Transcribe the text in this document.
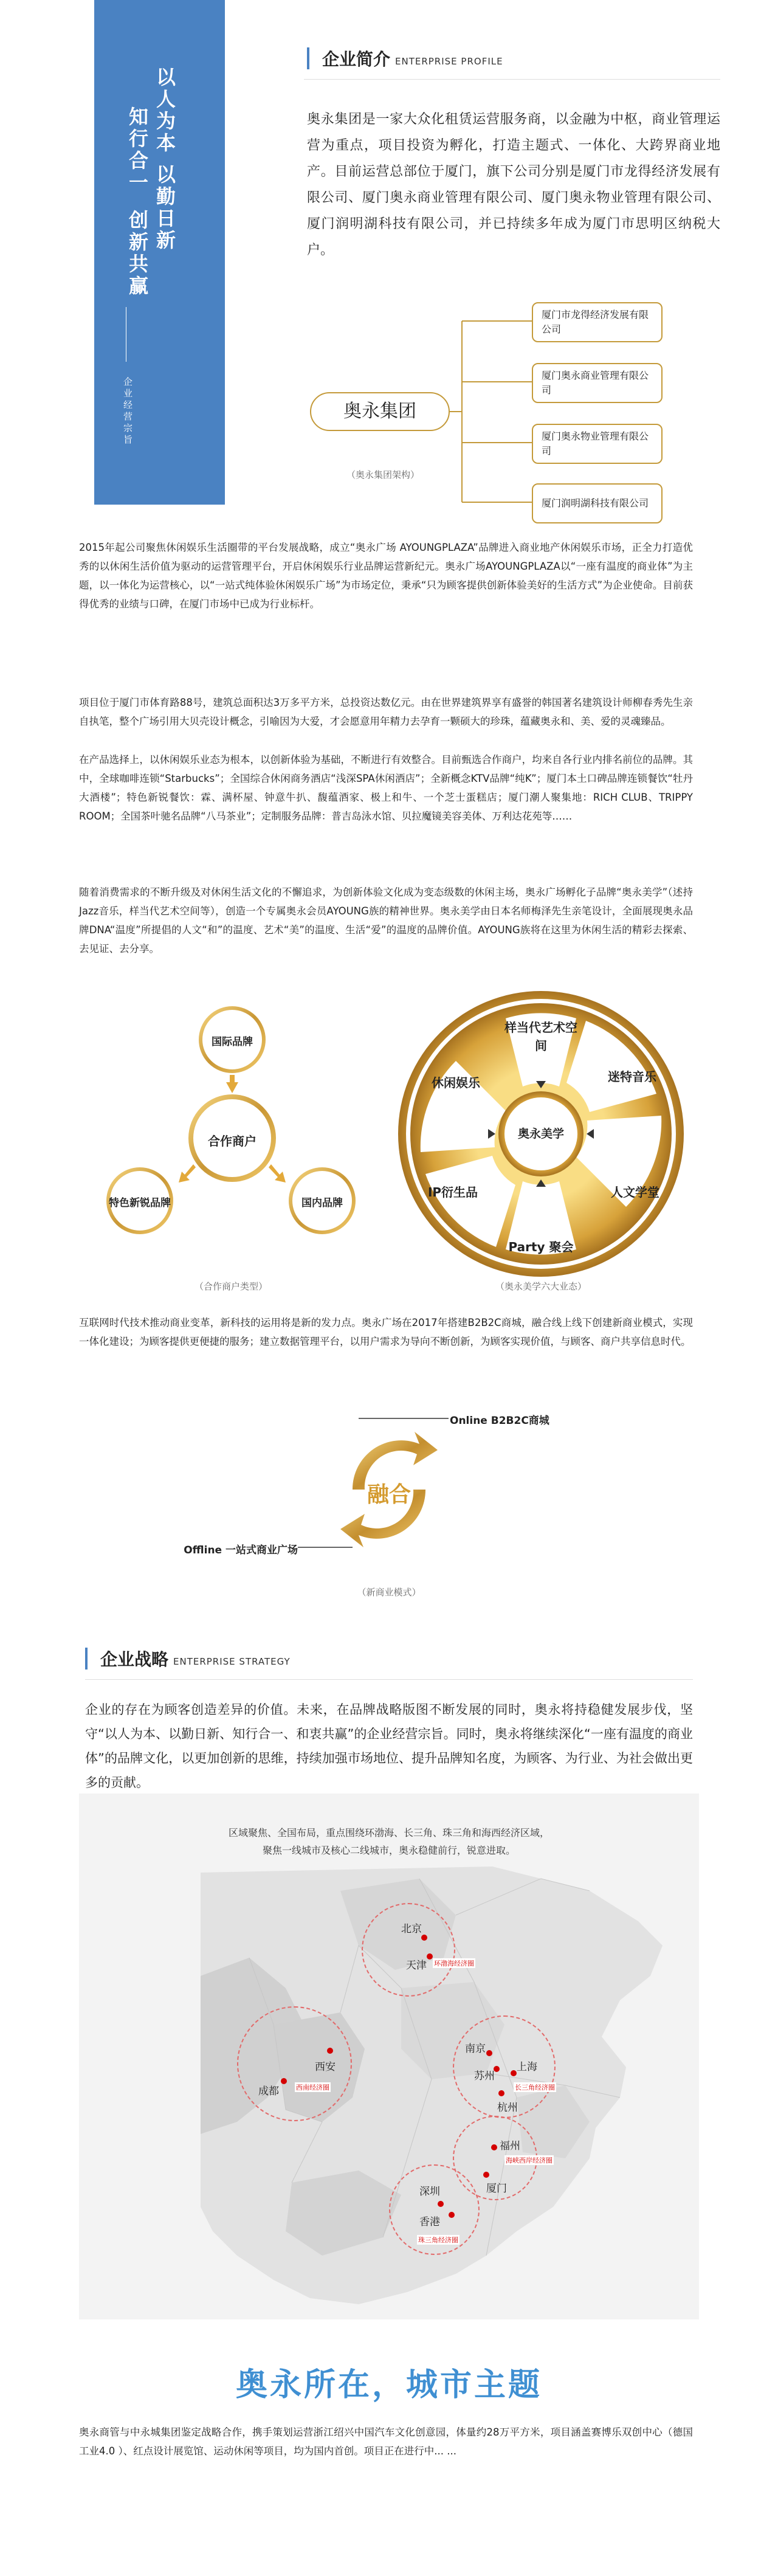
以人为本
以勤日新
知行合一
创新共赢
企业经营宗旨
企业简介 ENTERPRISE PROFILE
奥永集团是一家大众化租赁运营服务商，以金融为中枢，商业管理运营为重点，项目投资为孵化，打造主题式、一体化、大跨界商业地产。目前运营总部位于厦门，旗下公司分别是厦门市龙得经济发展有限公司、厦门奥永商业管理有限公司、厦门奥永物业管理有限公司、厦门润明湖科技有限公司，并已持续多年成为厦门市思明区纳税大户。
奥永集团
厦门市龙得经济发展有限公司
厦门奥永商业管理有限公司
厦门奥永物业管理有限公司
厦门润明湖科技有限公司
（奥永集团架构）
2015年起公司聚焦休闲娱乐生活圈带的平台发展战略，成立“奥永广场 AYOUNGPLAZA”品牌进入商业地产休闲娱乐市场，正全力打造优秀的以休闲生活价值为驱动的运营管理平台，开启休闲娱乐行业品牌运营新纪元。奥永广场AYOUNGPLAZA以“一座有温度的商业体”为主题，以一体化为运营核心，以“一站式纯体验休闲娱乐广场”为市场定位，秉承“只为顾客提供创新体验美好的生活方式”为企业使命。目前获得优秀的业绩与口碑，在厦门市场中已成为行业标杆。
项目位于厦门市体育路88号，建筑总面积达3万多平方米，总投资达数亿元。由在世界建筑界享有盛誉的韩国著名建筑设计师柳春秀先生亲自执笔，整个广场引用大贝壳设计概念，引喻因为大爱，才会愿意用年精力去孕育一颗硕大的珍珠，蕴藏奥永和、美、爱的灵魂臻品。
在产品选择上，以休闲娱乐业态为根本，以创新体验为基础，不断进行有效整合。目前甄选合作商户，均来自各行业内排名前位的品牌。其中，全球咖啡连锁“Starbucks”；全国综合休闲商务酒店“浅深SPA休闲酒店”；全新概念KTV品牌“纯K”；厦门本土口碑品牌连锁餐饮“牡丹大酒楼”；特色新锐餐饮：霖、满杯屋、钟意牛扒、馥蕴酒家、极上和牛、一个芝士蛋糕店；厦门潮人聚集地：RICH CLUB、TRIPPY ROOM；全国茶叶驰名品牌“八马茶业”；定制服务品牌：普吉岛泳水馆、贝拉魔镜美容美体、万利达花苑等……
随着消费需求的不断升级及对休闲生活文化的不懈追求，为创新体验文化成为变态级数的休闲主场，奥永广场孵化子品牌“奥永美学”（述持Jazz音乐，样当代艺术空间等），创造一个专属奥永会员AYOUNG族的精神世界。奥永美学由日本名师梅泽先生亲笔设计，全面展现奥永品牌DNA“温度”所提倡的人文“和”的温度、艺术“美”的温度、生活“爱”的温度的品牌价值。AYOUNG族将在这里为休闲生活的精彩去探索、去见证、去分享。
合作商户
国际品牌
国内品牌
特色新锐品牌
（合作商户类型）
奥永美学
样当代艺术空间
迷特音乐
人文学堂
Party 聚会
IP衍生品
休闲娱乐
（奥永美学六大业态）
互联网时代技术推动商业变革，新科技的运用将是新的发力点。奥永广场在2017年搭建B2B2C商城，融合线上线下创建新商业模式，实现一体化建设；为顾客提供更便捷的服务；建立数据管理平台，以用户需求为导向不断创新，为顾客实现价值，与顾客、商户共享信息时代。
Online B2B2C商城
Offline 一站式商业广场
融合
（新商业模式）
企业战略 ENTERPRISE STRATEGY
企业的存在为顾客创造差异的价值。未来，在品牌战略版图不断发展的同时，奥永将持稳健发展步伐，坚守“以人为本、以勤日新、知行合一、和衷共赢”的企业经营宗旨。同时，奥永将继续深化“一座有温度的商业体”的品牌文化，以更加创新的思维，持续加强市场地位、提升品牌知名度，为顾客、为行业、为社会做出更多的贡献。
区域聚焦、全国布局，重点围绕环渤海、长三角、珠三角和海西经济区域，
聚焦一线城市及核心二线城市，奥永稳健前行，锐意进取。
北京
天津
西安
成都
南京
苏州
上海
杭州
福州
厦门
深圳
香港
环渤海经济圈
西南经济圈	长三角经济圈
海峡西岸经济圈
珠三角经济圈
奥永所在，城市主题
奥永商管与中永城集团鉴定战略合作，携手策划运营浙江绍兴中国汽车文化创意园，体量约28万平方米，项目涵盖赛博乐双创中心（德国工业4.0 ）、红点设计展览馆、运动休闲等项目，均为国内首创。项目正在进行中... ...
